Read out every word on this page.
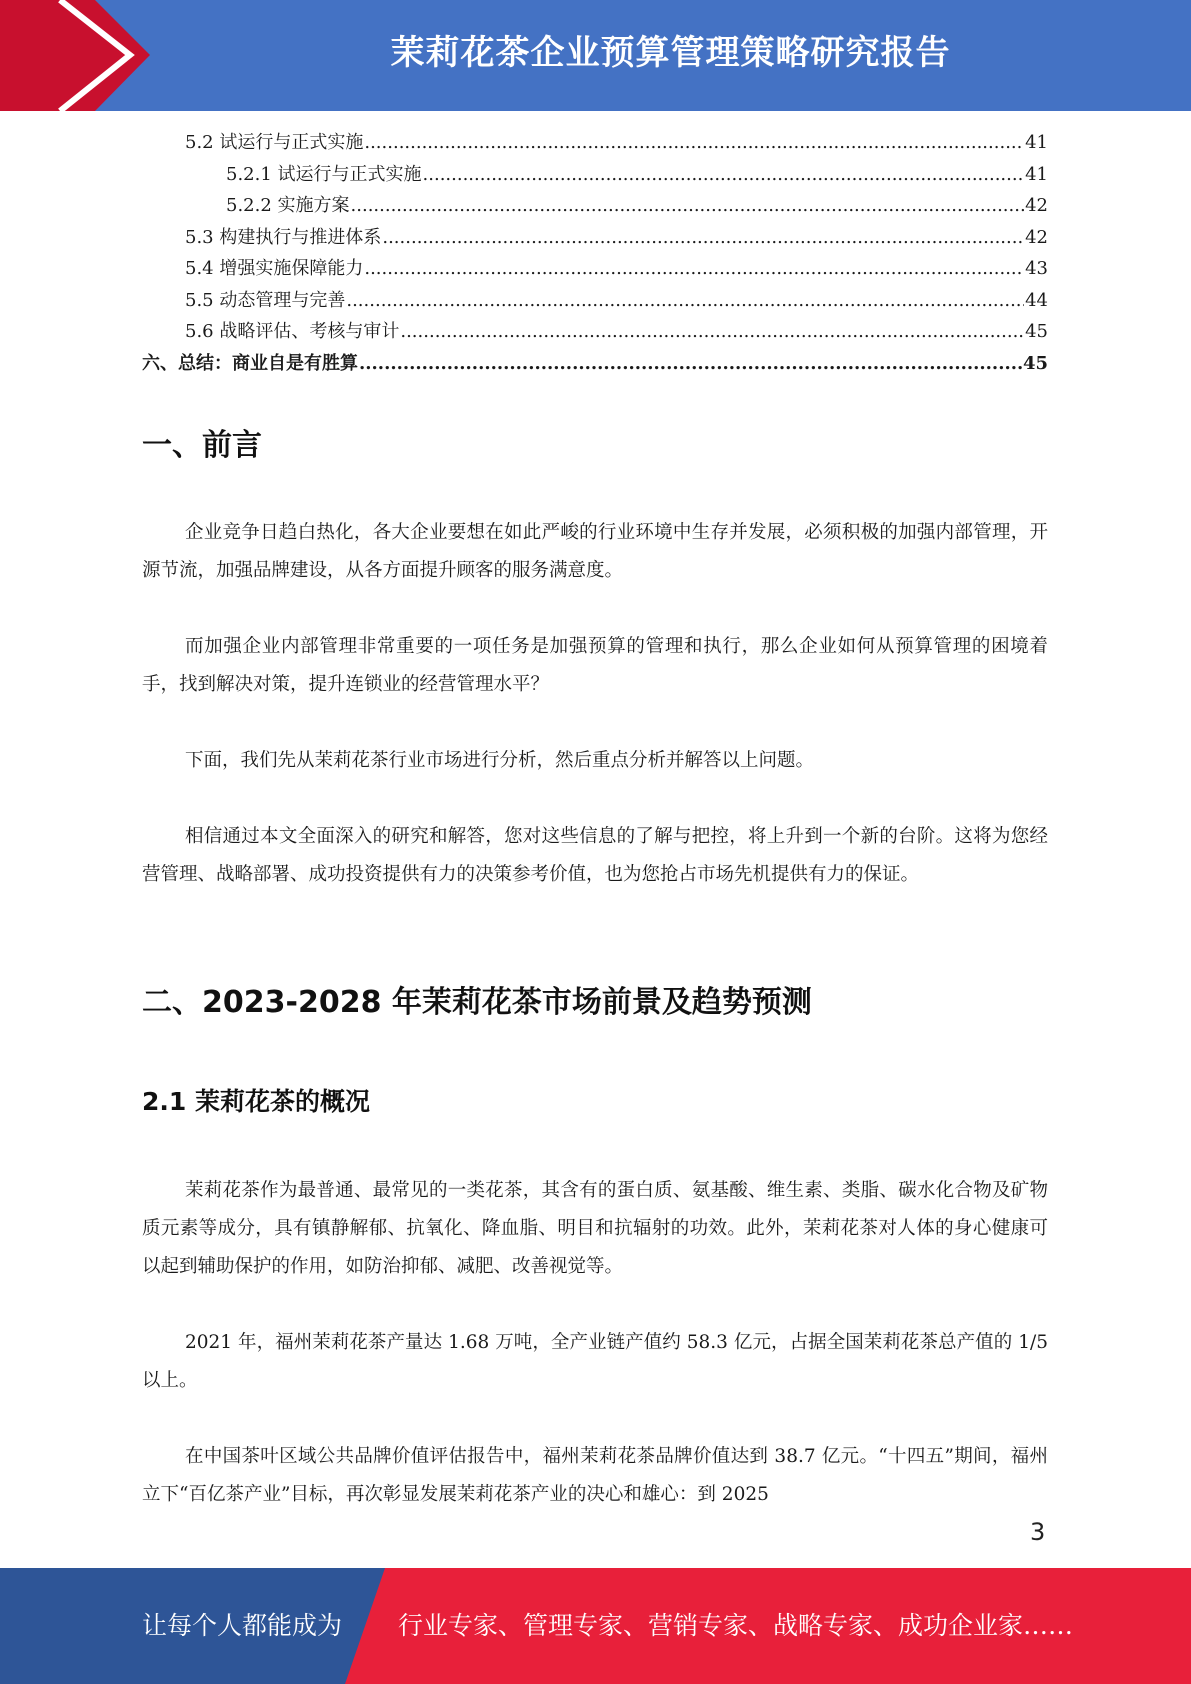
茉莉花茶企业预算管理策略研究报告
5.2 试运行与正式实施 .....	41
5.2.1 试运行与正式实施 .....	41
5.2.2 实施方案 .....	42
5.3 构建执行与推进体系 .....	42
5.4 增强实施保障能力 .....	43
5.5 动态管理与完善 .....	44
5.6 战略评估、考核与审计 .....	45
六、总结：商业自是有胜算 .....	45
一、前言

企业竞争日趋白热化，各大企业要想在如此严峻的行业环境中生存并发展，必须积极的加强内部管理，开源节流，加强品牌建设，从各方面提升顾客的服务满意度。

而加强企业内部管理非常重要的一项任务是加强预算的管理和执行，那么企业如何从预算管理的困境着手，找到解决对策，提升连锁业的经营管理水平？

下面，我们先从茉莉花茶行业市场进行分析，然后重点分析并解答以上问题。

相信通过本文全面深入的研究和解答，您对这些信息的了解与把控，将上升到一个新的台阶。这将为您经营管理、战略部署、成功投资提供有力的决策参考价值，也为您抢占市场先机提供有力的保证。

二、2023-2028 年茉莉花茶市场前景及趋势预测
2.1 茉莉花茶的概况

茉莉花茶作为最普通、最常见的一类花茶，其含有的蛋白质、氨基酸、维生素、类脂、碳水化合物及矿物质元素等成分，具有镇静解郁、抗氧化、降血脂、明目和抗辐射的功效。此外，茉莉花茶对人体的身心健康可以起到辅助保护的作用，如防治抑郁、减肥、改善视觉等。

2021 年，福州茉莉花茶产量达 1.68 万吨，全产业链产值约 58.3 亿元，占据全国茉莉花茶总产值的 1/5 以上。

在中国茶叶区域公共品牌价值评估报告中，福州茉莉花茶品牌价值达到 38.7 亿元。“十四五”期间，福州立下“百亿茶产业”目标，再次彰显发展茉莉花茶产业的决心和雄心：到 2025

3
让每个人都能成为 行业专家、管理专家、营销专家、战略专家、成功企业家……
